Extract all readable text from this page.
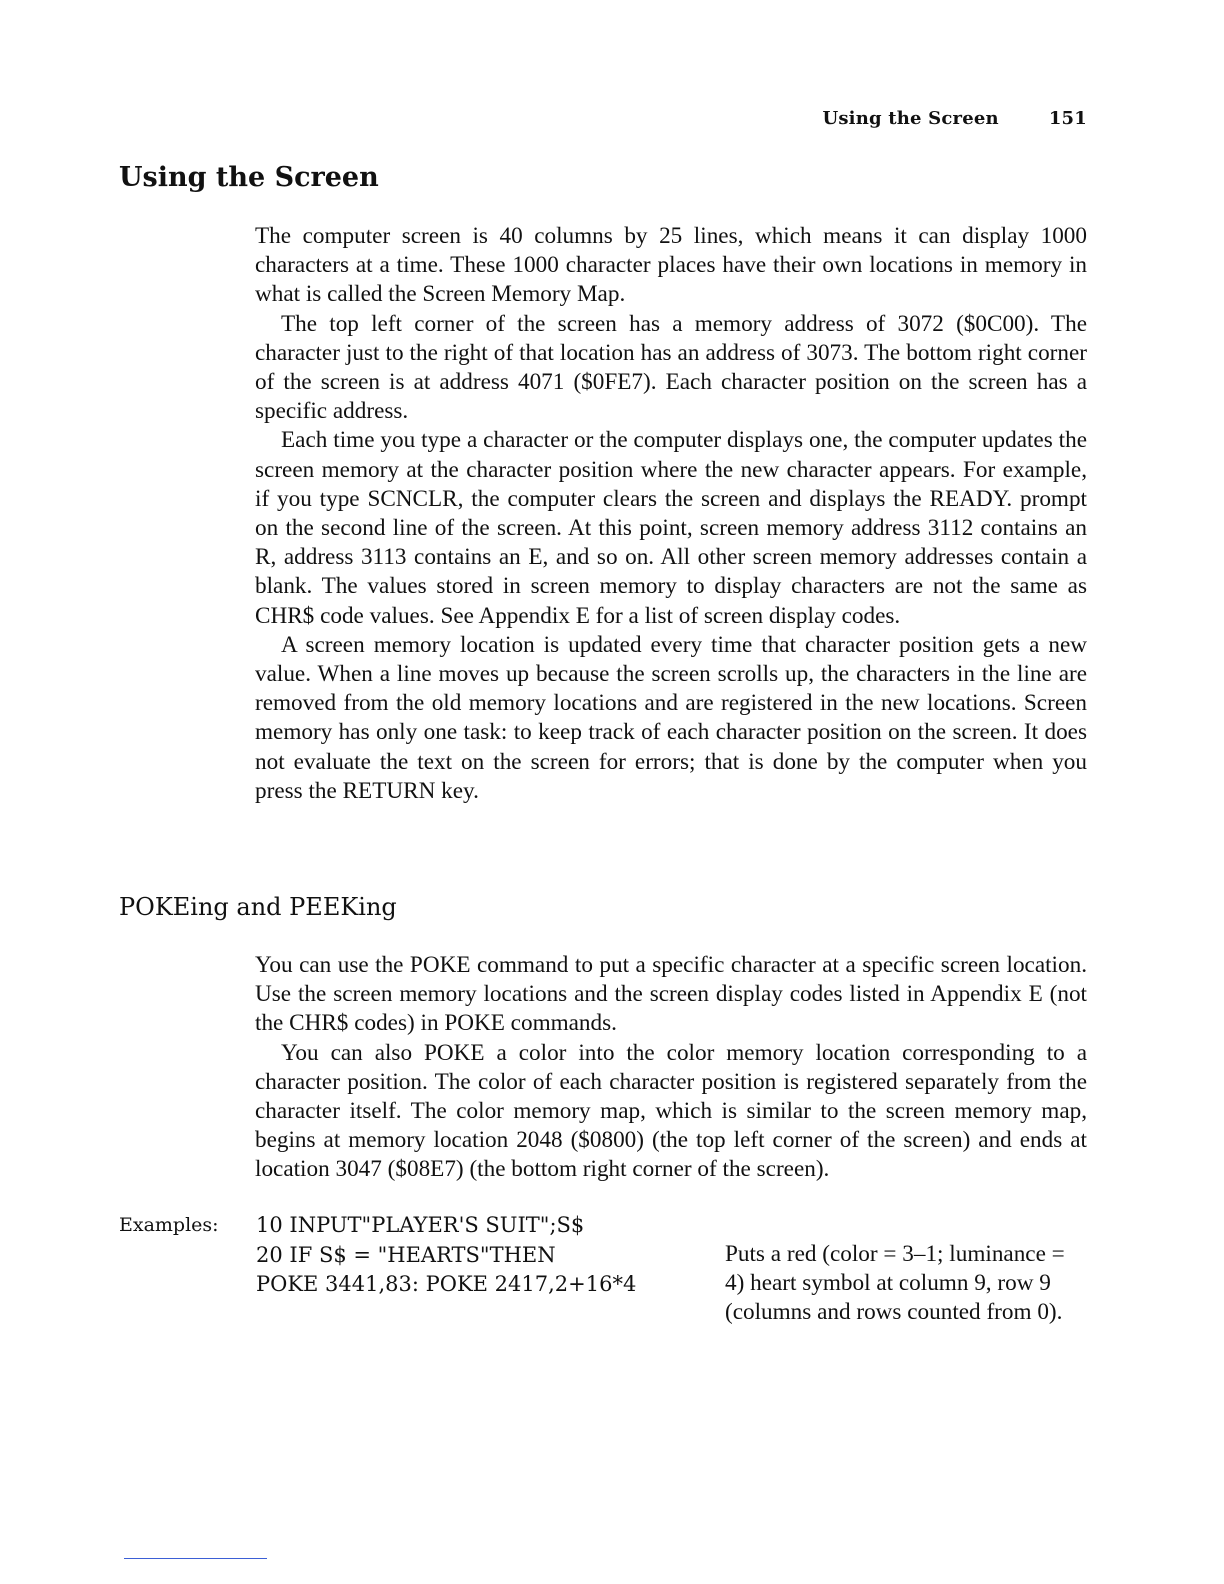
Using the Screen	151
Using the Screen

The computer screen is 40 columns by 25 lines, which means it can display 1000 characters at a time. These 1000 character places have their own locations in memory in what is called the Screen Memory Map.

The top left corner of the screen has a memory address of 3072 ($0C00). The character just to the right of that location has an address of 3073. The bottom right corner of the screen is at address 4071 ($0FE7). Each character position on the screen has a specific address.

Each time you type a character or the computer displays one, the computer updates the screen memory at the character position where the new character appears. For example, if you type SCNCLR, the computer clears the screen and displays the READY. prompt on the second line of the screen. At this point, screen memory address 3112 contains an R, address 3113 contains an E, and so on. All other screen memory addresses contain a blank. The values stored in screen memory to display characters are not the same as CHR$ code values. See Appendix E for a list of screen display codes.

A screen memory location is updated every time that character position gets a new value. When a line moves up because the screen scrolls up, the characters in the line are removed from the old memory locations and are registered in the new locations. Screen memory has only one task: to keep track of each character position on the screen. It does not evaluate the text on the screen for errors; that is done by the computer when you press the RETURN key.

POKEing and PEEKing

You can use the POKE command to put a specific character at a specific screen location. Use the screen memory locations and the screen display codes listed in Appendix E (not the CHR$ codes) in POKE commands.

You can also POKE a color into the color memory location corresponding to a character position. The color of each character position is registered separately from the character itself. The color memory map, which is similar to the screen memory map, begins at memory location 2048 ($0800) (the top left corner of the screen) and ends at location 3047 ($08E7) (the bottom right corner of the screen).

Examples: 10 INPUT"PLAYER'S SUIT";S$
20 IF S$ = "HEARTS"THEN
POKE 3441,83: POKE 2417,2+16*4

Puts a red (color = 3–1; luminance = 4) heart symbol at column 9, row 9 (columns and rows counted from 0).
